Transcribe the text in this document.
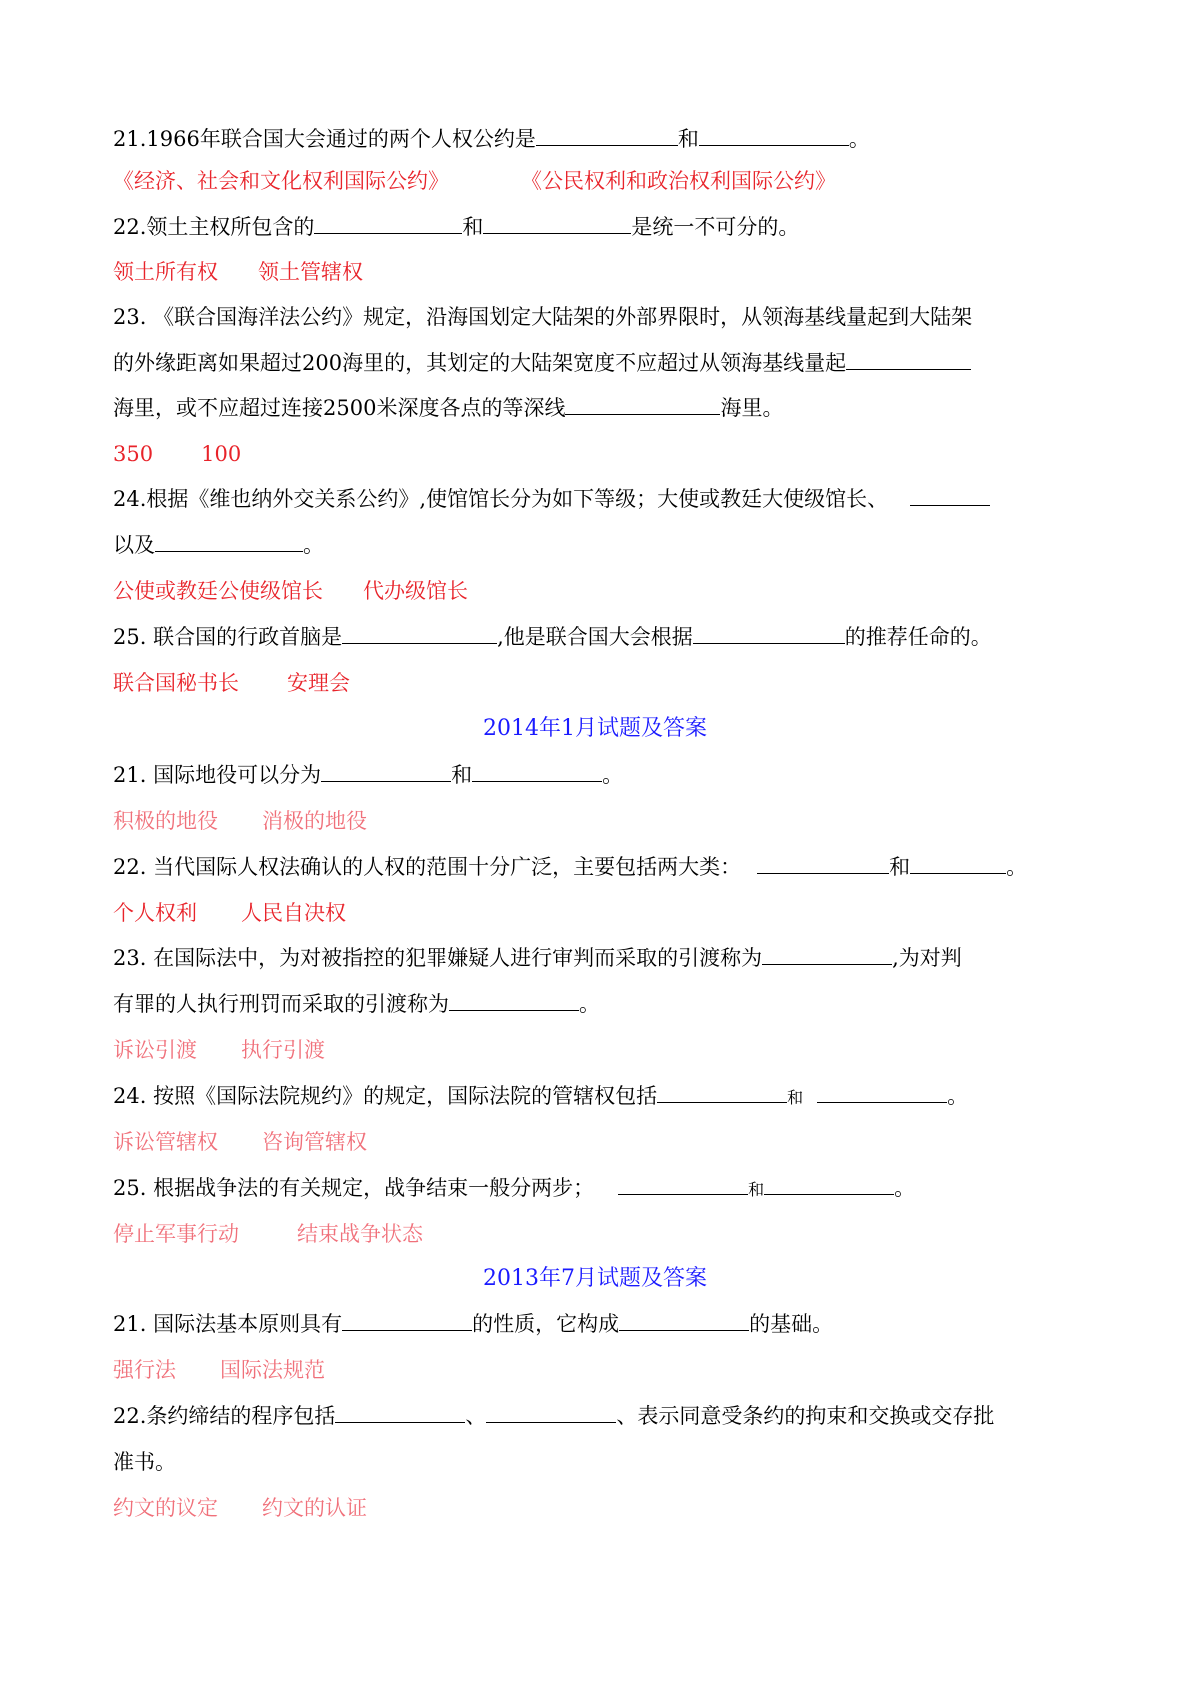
21.1966年联合国大会通过的两个人权公约是	和	。
《经济、社会和文化权利国际公约》	《公民权利和政治权利国际公约》
22.领土主权所包含的	和	是统一不可分的。
领土所有权 领土管辖权
23. 《联合国海洋法公约》规定，沿海国划定大陆架的外部界限时，从领海基线量起到大陆架
的外缘距离如果超过200海里的，其划定的大陆架宽度不应超过从领海基线量起
海里，或不应超过连接2500米深度各点的等深线	海里。
350 100
24.根据《维也纳外交关系公约》,使馆馆长分为如下等级；大使或教廷大使级馆长、
以及	。
公使或教廷公使级馆长 代办级馆长
25. 联合国的行政首脑是	,他是联合国大会根据	的推荐任命的。
联合国秘书长 安理会
2014年1月试题及答案
21. 国际地役可以分为	和	。
积极的地役 消极的地役
22. 当代国际人权法确认的人权的范围十分广泛，主要包括两大类：	和	。
个人权利 人民自决权
23. 在国际法中，为对被指控的犯罪嫌疑人进行审判而采取的引渡称为	,为对判
有罪的人执行刑罚而采取的引渡称为	。
诉讼引渡 执行引渡
24. 按照《国际法院规约》的规定，国际法院的管辖权包括	和	。
诉讼管辖权 咨询管辖权
25. 根据战争法的有关规定，战争结束一般分两步；	和	。
停止军事行动	结束战争状态
2013年7月试题及答案
21. 国际法基本原则具有	的性质，它构成	的基础。
强行法 国际法规范
22.条约缔结的程序包括	、	、表示同意受条约的拘束和交换或交存批
准书。
约文的议定 约文的认证
